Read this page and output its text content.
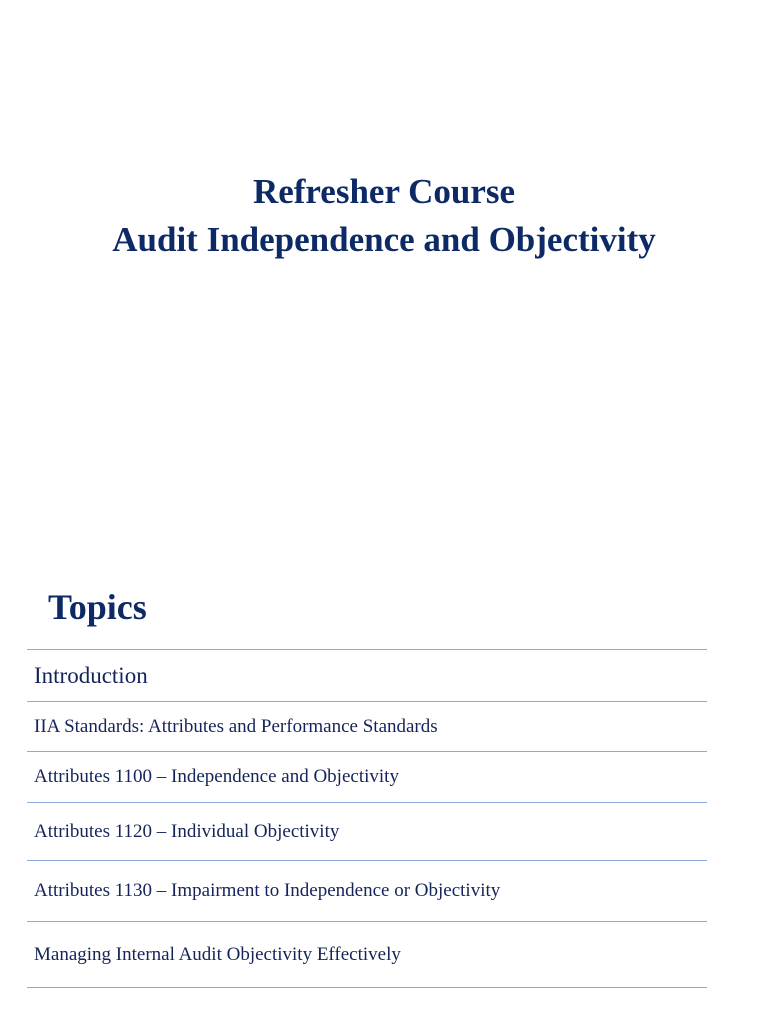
Refresher Course
Audit Independence and Objectivity
Topics
Introduction
IIA Standards: Attributes and Performance Standards
Attributes 1100 – Independence and Objectivity
Attributes 1120 – Individual Objectivity
Attributes 1130 – Impairment to Independence or Objectivity
Managing Internal Audit Objectivity Effectively
